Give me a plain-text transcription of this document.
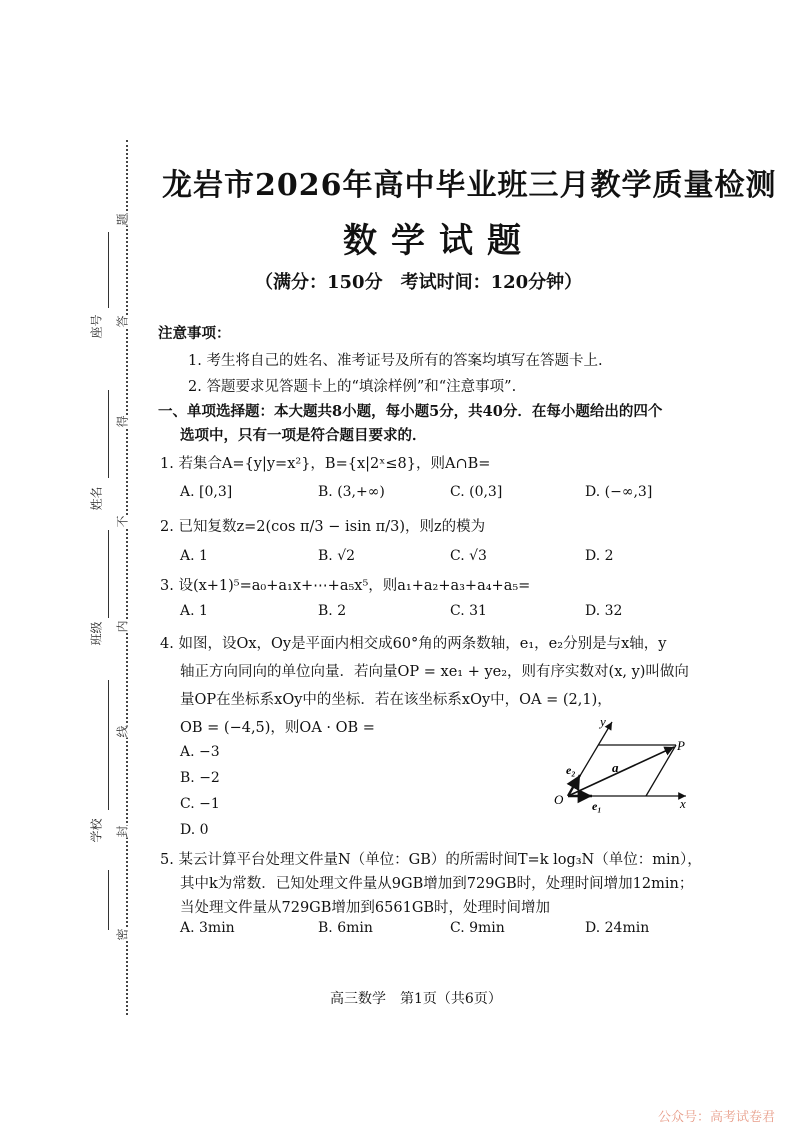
座号
姓名
班级
学校
题
答
得
不
内
线
封
密
龙岩市2026年高中毕业班三月教学质量检测
数学试题
（满分：150分　考试时间：120分钟）
注意事项：
1. 考生将自己的姓名、准考证号及所有的答案均填写在答题卡上.
2. 答题要求见答题卡上的“填涂样例”和“注意事项”.
一、单项选择题：本大题共8小题，每小题5分，共40分．在每小题给出的四个
选项中，只有一项是符合题目要求的．
1. 若集合A={y|y=x²}，B={x|2ˣ≤8}，则A∩B=
A. [0,3]	B. (3,+∞)	C. (0,3]	D. (−∞,3]
2. 已知复数z=2(cos π/3 − isin π/3)，则z的模为
A. 1	B. √2	C. √3	D. 2
3. 设(x+1)⁵=a₀+a₁x+⋯+a₅x⁵，则a₁+a₂+a₃+a₄+a₅=
A. 1	B. 2	C. 31	D. 32
4. 如图，设Ox，Oy是平面内相交成60°角的两条数轴，e₁，e₂分别是与x轴，y
轴正方向同向的单位向量．若向量OP = xe₁ + ye₂，则有序实数对(x, y)叫做向
量OP在坐标系xOy中的坐标．若在该坐标系xOy中，OA = (2,1)，
OB = (−4,5)，则OA · OB =
A. −3
B. −2
C. −1
D. 0
O	x
y
P
a
e₁
e₂
5. 某云计算平台处理文件量N（单位：GB）的所需时间T=k log₃N（单位：min），
其中k为常数．已知处理文件量从9GB增加到729GB时，处理时间增加12min；
当处理文件量从729GB增加到6561GB时，处理时间增加
A. 3min	B. 6min	C. 9min	D. 24min
高三数学　第1页（共6页）
公众号：高考试卷君
